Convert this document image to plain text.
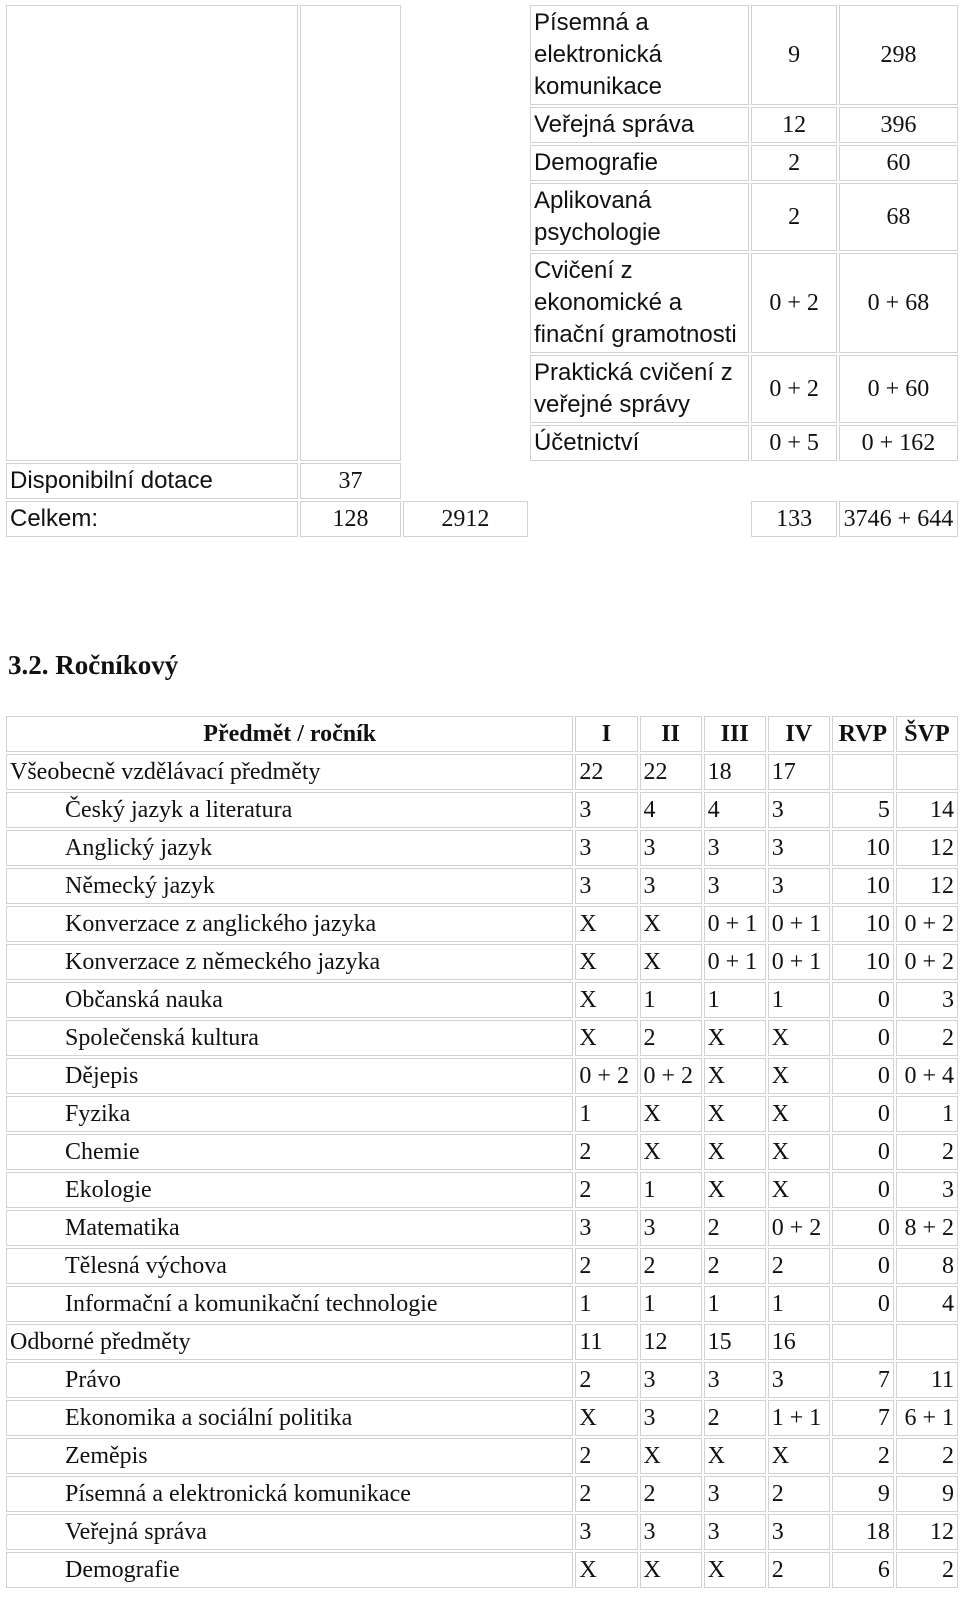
			Písemná a elektronická komunikace	9	298
			Veřejná správa	12	396
			Demografie	2	60
			Aplikovaná psychologie	2	68
			Cvičení z ekonomické a finační gramotnosti	0 + 2	0 + 68
			Praktická cvičení z veřejné správy	0 + 2	0 + 60
			Účetnictví	0 + 5	0 + 162
Disponibilní dotace	37				
Celkem:	128	2912		133	3746 + 644
3.2. Ročníkový
Předmět / ročník	I	II	III	IV	RVP	ŠVP
Všeobecně vzdělávací předměty	22	22	18	17		
Český jazyk a literatura	3	4	4	3	5	14
Anglický jazyk	3	3	3	3	10	12
Německý jazyk	3	3	3	3	10	12
Konverzace z anglického jazyka	X	X	0 + 1	0 + 1	10	0 + 2
Konverzace z německého jazyka	X	X	0 + 1	0 + 1	10	0 + 2
Občanská nauka	X	1	1	1	0	3
Společenská kultura	X	2	X	X	0	2
Dějepis	0 + 2	0 + 2	X	X	0	0 + 4
Fyzika	1	X	X	X	0	1
Chemie	2	X	X	X	0	2
Ekologie	2	1	X	X	0	3
Matematika	3	3	2	0 + 2	0	8 + 2
Tělesná výchova	2	2	2	2	0	8
Informační a komunikační technologie	1	1	1	1	0	4
Odborné předměty	11	12	15	16		
Právo	2	3	3	3	7	11
Ekonomika a sociální politika	X	3	2	1 + 1	7	6 + 1
Zeměpis	2	X	X	X	2	2
Písemná a elektronická komunikace	2	2	3	2	9	9
Veřejná správa	3	3	3	3	18	12
Demografie	X	X	X	2	6	2
